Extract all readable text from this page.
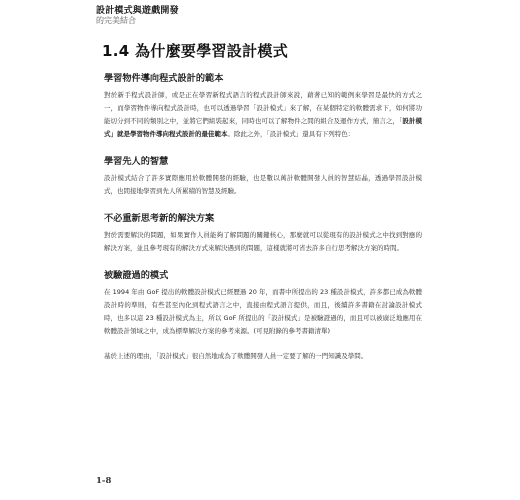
設計模式與遊戲開發
的完美結合
1.4 為什麼要學習設計模式
學習物件導向程式設計的範本

對於新手程式設計師，或是正在學習新程式語言的程式設計師來說，藉著已知的範例來學習是最快的方式之一，而學習物件導向程式設計時，也可以透過學習「設計模式」來了解，在某個特定的軟體需求下，如何將功能切分到不同的類別之中，並將它們組裝起來，同時也可以了解物件之間的組合及運作方式，簡言之，「設計模式」就是學習物件導向程式設計的最佳範本。除此之外，「設計模式」還具有下列特色：

學習先人的智慧

設計模式結合了許多實際應用於軟體開發的經驗，也是數以萬計軟體開發人員的智慧結晶，透過學習設計模式，也間接地學習到先人所累積的智慧及經驗。

不必重新思考新的解決方案

對於需要解決的問題，如果實作人員能夠了解問題的關鍵核心，那麼就可以從現有的設計模式之中找到對應的解決方案，並且參考現有的解決方式來解決遇到的問題，這樣就將可省去許多自行思考解決方案的時間。

被驗證過的模式

在 1994 年由 GoF 提出的軟體設計模式已經歷過 20 年，而書中所提出的 23 種設計模式，許多都已成為軟體設計時的準則，有些甚至內化到程式語言之中，直接由程式語言提供，而且，後續許多書籍在討論設計模式時，也多以這 23 種設計模式為主，所以 GoF 所提出的「設計模式」是被驗證過的，而且可以被廣泛地應用在軟體設計領域之中，成為標準解決方案的參考來源。(可見附錄的參考書籍清單)

基於上述的理由，「設計模式」很自然地成為了軟體開發人員一定要了解的一門知識及學問。

1-8
